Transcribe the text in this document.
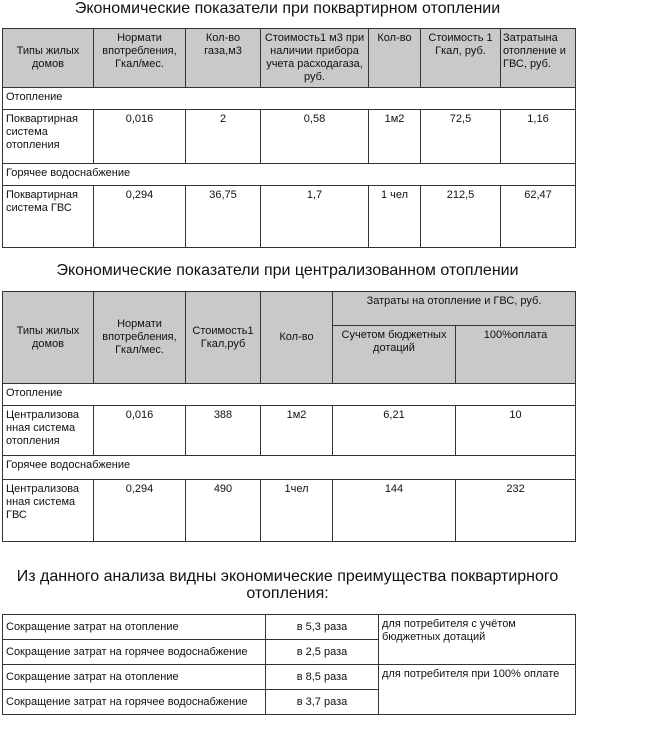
Экономические показатели при поквартирном отоплении
Типы жилых домов	Нормати впотребления, Гкал/мес.	Кол-во газа,м3	Стоимость1 м3 при наличии прибора учета расходагаза, руб.	Кол-во	Стоимость 1 Гкал, руб.	Затратына отопление и ГВС, руб.
Отопление						
Поквартирная система отопления	0,016	2	0,58	1м2	72,5	1,16
Горячее водоснабжение						
Поквартирная система ГВС	0,294	36,75	1,7	1 чел	212,5	62,47
Экономические показатели при централизованном отоплении
Типы жилых домов	Нормати впотребления, Гкал/мес.	Стоимость1 Гкал,руб	Кол-во	Затраты на отопление и ГВС, руб.	
				Сучетом бюджетных дотаций	100%оплата
Отопление					
Централизова нная система отопления	0,016	388	1м2	6,21	10
Горячее водоснабжение					
Централизова нная система ГВС	0,294	490	1чел	144	232
Из данного анализа видны экономические преимущества поквартирного отопления:
Сокращение затрат на отопление	в 5,3 раза	для потребителя с учётом бюджетных дотаций
Сокращение затрат на горячее водоснабжение	в 2,5 раза	
Сокращение затрат на отопление	в 8,5 раза	для потребителя при 100% оплате
Сокращение затрат на горячее водоснабжение	в 3,7 раза	
